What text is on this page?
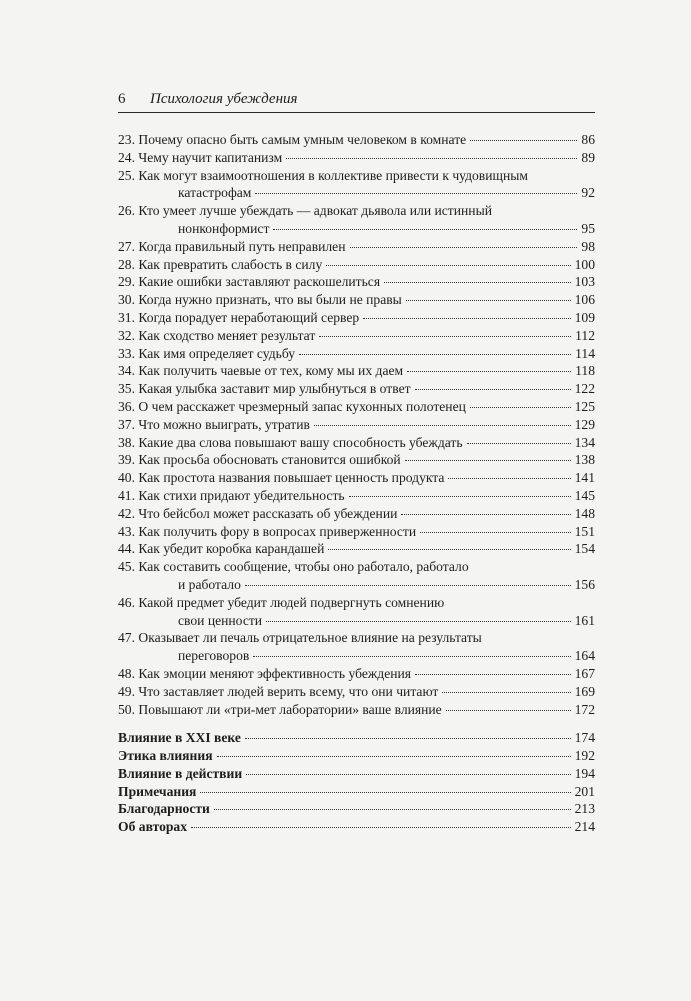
6 Психология убеждения
23. Почему опасно быть самым умным человеком в комнате	86
24. Чему научит капитанизм	89
25. Как могут взаимоотношения в коллективе привести к чудовищным
катастрофам	92
26. Кто умеет лучше убеждать — адвокат дьявола или истинный
нонконформист	95
27. Когда правильный путь неправилен	98
28. Как превратить слабость в силу	100
29. Какие ошибки заставляют раскошелиться	103
30. Когда нужно признать, что вы были не правы	106
31. Когда порадует неработающий сервер	109
32. Как сходство меняет результат	112
33. Как имя определяет судьбу	114
34. Как получить чаевые от тех, кому мы их даем	118
35. Какая улыбка заставит мир улыбнуться в ответ	122
36. О чем расскажет чрезмерный запас кухонных полотенец	125
37. Что можно выиграть, утратив	129
38. Какие два слова повышают вашу способность убеждать	134
39. Как просьба обосновать становится ошибкой	138
40. Как простота названия повышает ценность продукта	141
41. Как стихи придают убедительность	145
42. Что бейсбол может рассказать об убеждении	148
43. Как получить фору в вопросах приверженности	151
44. Как убедит коробка карандашей	154
45. Как составить сообщение, чтобы оно работало, работало
и работало	156
46. Какой предмет убедит людей подвергнуть сомнению
свои ценности	161
47. Оказывает ли печаль отрицательное влияние на результаты
переговоров	164
48. Как эмоции меняют эффективность убеждения	167
49. Что заставляет людей верить всему, что они читают	169
50. Повышают ли «три-мет лаборатории» ваше влияние	172
Влияние в XXI веке	174
Этика влияния	192
Влияние в действии	194
Примечания	201
Благодарности	213
Об авторах	214
